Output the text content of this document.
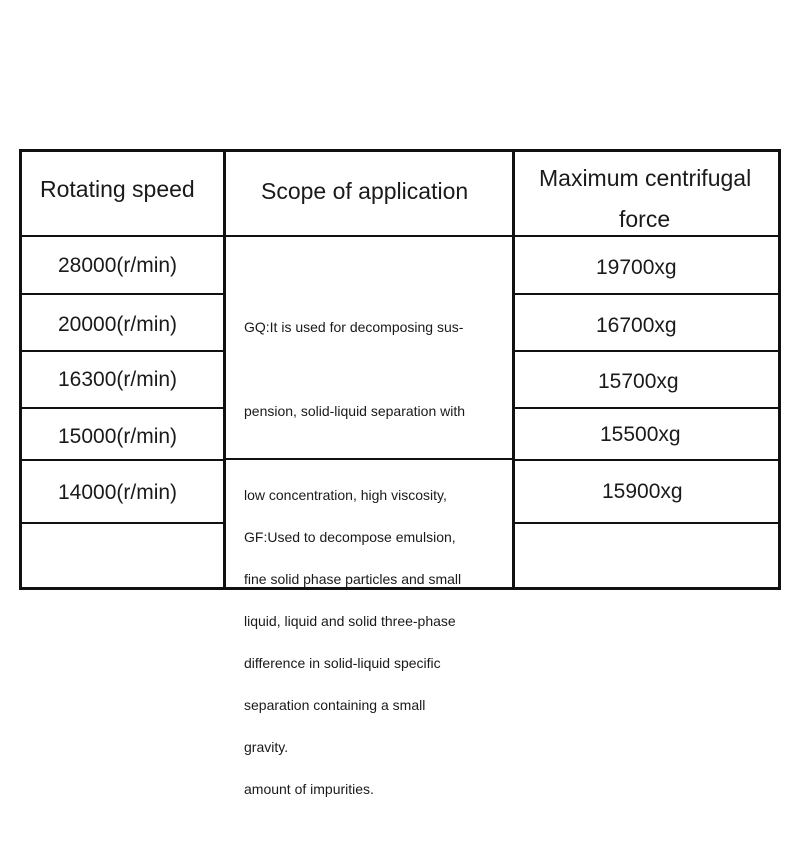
Rotating speed	Scope of application	Maximum centrifugal
force
28000(r/min)
20000(r/min)
16300(r/min)
15000(r/min)
14000(r/min)
19700xg
16700xg
15700xg
15500xg
15900xg

GQ:It is used for decomposing sus-

pension, solid-liquid separation with

low concentration, high viscosity,

fine solid phase particles and small

difference in solid-liquid specific

gravity.

GF:Used to decompose emulsion,

liquid, liquid and solid three-phase

separation containing a small

amount of impurities.
